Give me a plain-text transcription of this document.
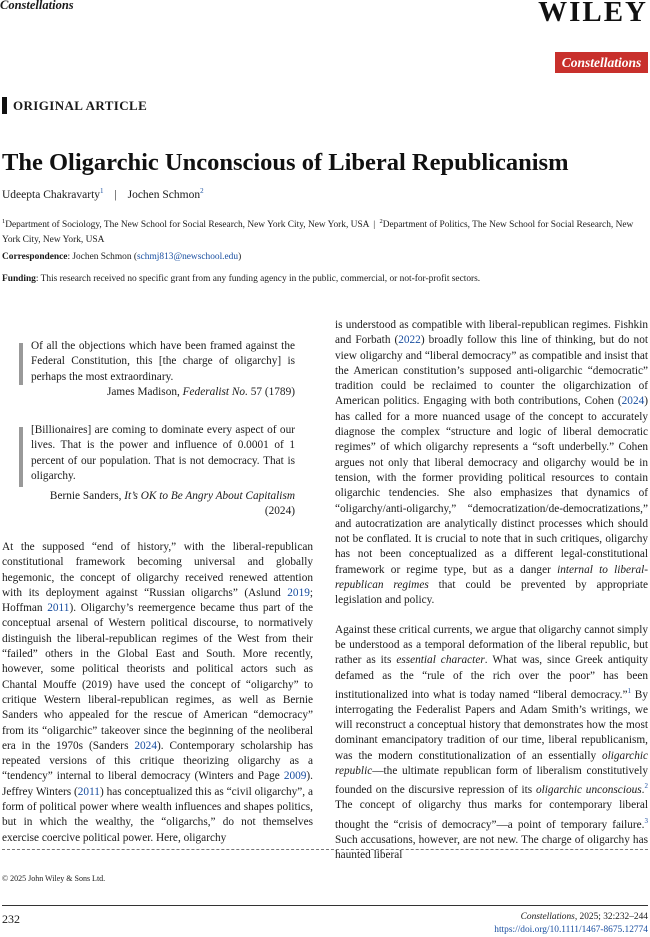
Constellations	WILEY
Constellations
ORIGINAL ARTICLE
The Oligarchic Unconscious of Liberal Republicanism
Udeepta Chakravarty$^1$ | Jochen Schmon$^2$
$^1$Department of Sociology, The New School for Social Research, New York City, New York, USA | $^2$Department of Politics, The New School for Social Research, New York City, New York, USA
Correspondence: Jochen Schmon (schmj813@newschool.edu)
Funding: This research received no specific grant from any funding agency in the public, commercial, or not-for-profit sectors.
Of all the objections which have been framed against the Federal Constitution, this [the charge of oligarchy] is perhaps the most extraordinary.
James Madison, Federalist No. 57 (1789)
[Billionaires] are coming to dominate every aspect of our lives. That is the power and influence of 0.0001 of 1 percent of our population. That is not democracy. That is oligarchy.
Bernie Sanders, It’s OK to Be Angry About Capitalism (2024)

At the supposed “end of history,” with the liberal-republican constitutional framework becoming universal and globally hegemonic, the concept of oligarchy received renewed attention with its deployment against “Russian oligarchs” (Aslund 2019; Hoffman 2011). Oligarchy’s reemergence became thus part of the conceptual arsenal of Western political discourse, to normatively distinguish the liberal-republican regimes of the West from their “failed” others in the Global East and South. More recently, however, some political theorists and political actors such as Chantal Mouffe (2019) have used the concept of “oligarchy” to critique Western liberal-republican regimes, as well as Bernie Sanders who appealed for the rescue of American “democracy” from its “oligarchic” takeover since the beginning of the neoliberal era in the 1970s (Sanders 2024). Contemporary scholarship has repeated versions of this critique theorizing oligarchy as a “tendency” internal to liberal democracy (Winters and Page 2009). Jeffrey Winters (2011) has conceptualized this as “civil oligarchy”, a form of political power where wealth influences and shapes politics, but in which the wealthy, the “oligarchs,” do not themselves exercise coercive political power. Here, oligarchy

is understood as compatible with liberal-republican regimes. Fishkin and Forbath (2022) broadly follow this line of thinking, but do not view oligarchy and “liberal democracy” as compatible and insist that the American constitution’s supposed anti-oligarchic “democratic” tradition could be reclaimed to counter the oligarchization of American politics. Engaging with both contributions, Cohen (2024) has called for a more nuanced usage of the concept to accurately diagnose the complex “structure and logic of liberal democratic regimes” of which oligarchy represents a “soft underbelly.” Cohen argues not only that liberal democracy and oligarchy would be in tension, with the former providing political resources to contain oligarchic tendencies. She also emphasizes that dynamics of “oligarchy/anti-oligarchy,” “democratization/de-democratizations,” and autocratization are analytically distinct processes which should not be conflated. It is crucial to note that in such critiques, oligarchy has not been conceptualized as a different legal-constitutional framework or regime type, but as a danger internal to liberal-republican regimes that could be prevented by appropriate legislation and policy.

Against these critical currents, we argue that oligarchy cannot simply be understood as a temporal deformation of the liberal republic, but rather as its essential character. What was, since Greek antiquity defamed as the “rule of the rich over the poor” has been institutionalized into what is today named “liberal democracy.”$^1$ By interrogating the Federalist Papers and Adam Smith’s writings, we will reconstruct a conceptual history that demonstrates how the most dominant emancipatory tradition of our time, liberal republicanism, was the modern constitutionalization of an essentially oligarchic republic—the ultimate republican form of liberalism constitutively founded on the discursive repression of its oligarchic unconscious.$^2$ The concept of oligarchy thus marks for contemporary liberal thought the “crisis of democracy”—a point of temporary failure.$^3$ Such accusations, however, are not new. The charge of oligarchy has haunted liberal

© 2025 John Wiley & Sons Ltd.
232	Constellations, 2025; 32:232–244
https://doi.org/10.1111/1467-8675.12774
